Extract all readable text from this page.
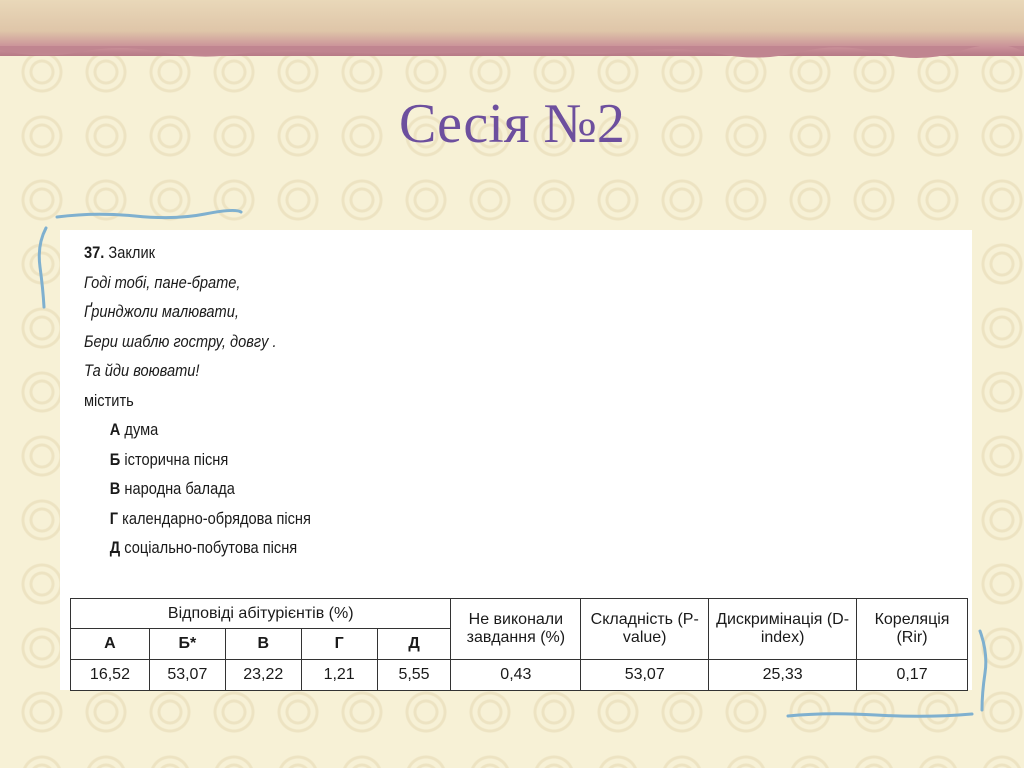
Сесія №2
37. Заклик
Годі тобі, пане-брате,
Ґринджоли малювати,
Бери шаблю гостру, довгу .
Та йди воювати!
містить
А дума
Б історична пісня
В народна балада
Г календарно-обрядова пісня
Д соціально-побутова пісня
Відповіді абітурієнтів (%)					Не виконали завдання (%)	Складність (P-value)	Дискримінація (D-index)	Кореляція (Rir)
А	Б*	В	Г	Д				
16,52	53,07	23,22	1,21	5,55	0,43	53,07	25,33	0,17
